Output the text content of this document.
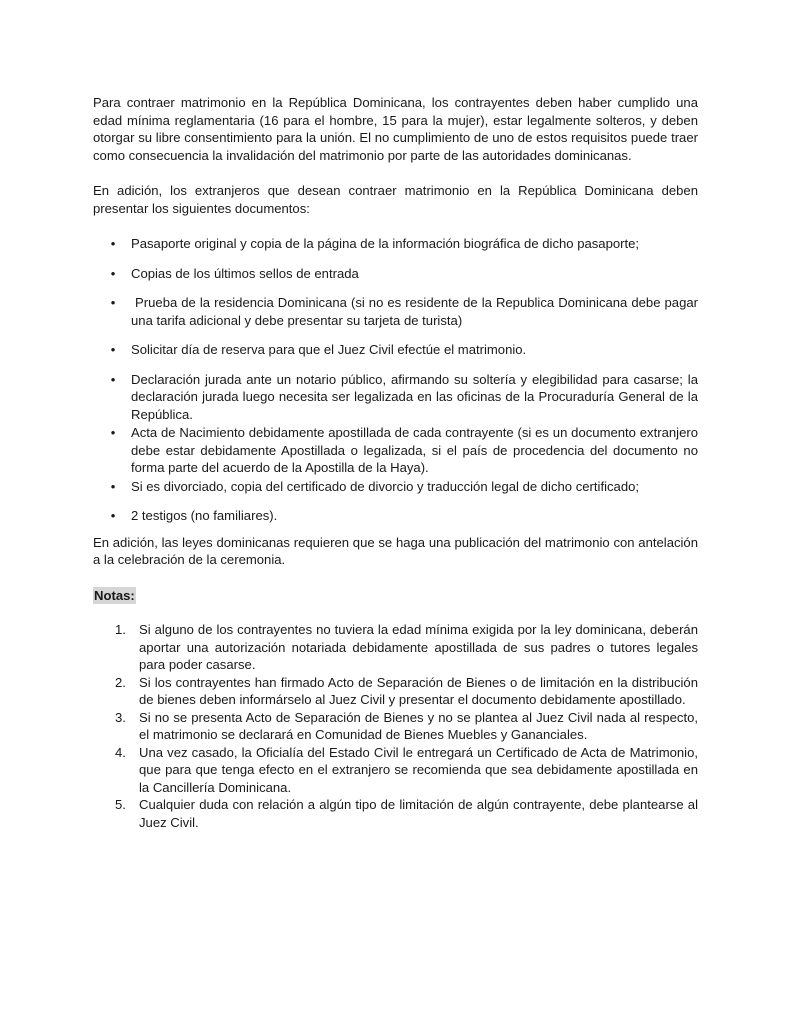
Para contraer matrimonio en la República Dominicana, los contrayentes deben haber cumplido una edad mínima reglamentaria (16 para el hombre, 15 para la mujer), estar legalmente solteros, y deben otorgar su libre consentimiento para la unión. El no cumplimiento de uno de estos requisitos puede traer como consecuencia la invalidación del matrimonio por parte de las autoridades dominicanas.

En adición, los extranjeros que desean contraer matrimonio en la República Dominicana deben presentar los siguientes documentos:

• Pasaporte original y copia de la página de la información biográfica de dicho pasaporte;
• Copias de los últimos sellos de entrada
• Prueba de la residencia Dominicana (si no es residente de la Republica Dominicana debe pagar una tarifa adicional y debe presentar su tarjeta de turista)
• Solicitar día de reserva para que el Juez Civil efectúe el matrimonio.
• Declaración jurada ante un notario público, afirmando su soltería y elegibilidad para casarse; la declaración jurada luego necesita ser legalizada en las oficinas de la Procuraduría General de la República.
• Acta de Nacimiento debidamente apostillada de cada contrayente (si es un documento extranjero debe estar debidamente Apostillada o legalizada, si el país de procedencia del documento no forma parte del acuerdo de la Apostilla de la Haya).
• Si es divorciado, copia del certificado de divorcio y traducción legal de dicho certificado;
• 2 testigos (no familiares).

En adición, las leyes dominicanas requieren que se haga una publicación del matrimonio con antelación a la celebración de la ceremonia.

Notas:
1. Si alguno de los contrayentes no tuviera la edad mínima exigida por la ley dominicana, deberán aportar una autorización notariada debidamente apostillada de sus padres o tutores legales para poder casarse.
2. Si los contrayentes han firmado Acto de Separación de Bienes o de limitación en la distribución de bienes deben informárselo al Juez Civil y presentar el documento debidamente apostillado.
3. Si no se presenta Acto de Separación de Bienes y no se plantea al Juez Civil nada al respecto, el matrimonio se declarará en Comunidad de Bienes Muebles y Gananciales.
4. Una vez casado, la Oficialía del Estado Civil le entregará un Certificado de Acta de Matrimonio, que para que tenga efecto en el extranjero se recomienda que sea debidamente apostillada en la Cancillería Dominicana.
5. Cualquier duda con relación a algún tipo de limitación de algún contrayente, debe plantearse al Juez Civil.
